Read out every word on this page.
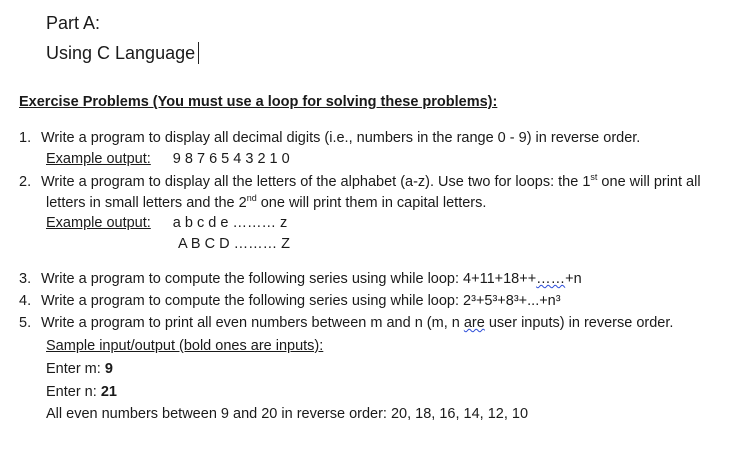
Part A:
Using C Language
Exercise Problems (You must use a loop for solving these problems):
1. Write a program to display all decimal digits (i.e., numbers in the range 0 - 9) in reverse order.
Example output: 9 8 7 6 5 4 3 2 1 0
2. Write a program to display all the letters of the alphabet (a-z). Use two for loops: the 1st one will print all
letters in small letters and the 2nd one will print them in capital letters.
Example output: a b c d e ……… z
A B C D ……… Z
3. Write a program to compute the following series using while loop: 4+11+18++……+n
4. Write a program to compute the following series using while loop: 2³+5³+8³+...+n³
5. Write a program to print all even numbers between m and n (m, n are user inputs) in reverse order.
Sample input/output (bold ones are inputs):
Enter m: 9
Enter n: 21
All even numbers between 9 and 20 in reverse order: 20, 18, 16, 14, 12, 10
